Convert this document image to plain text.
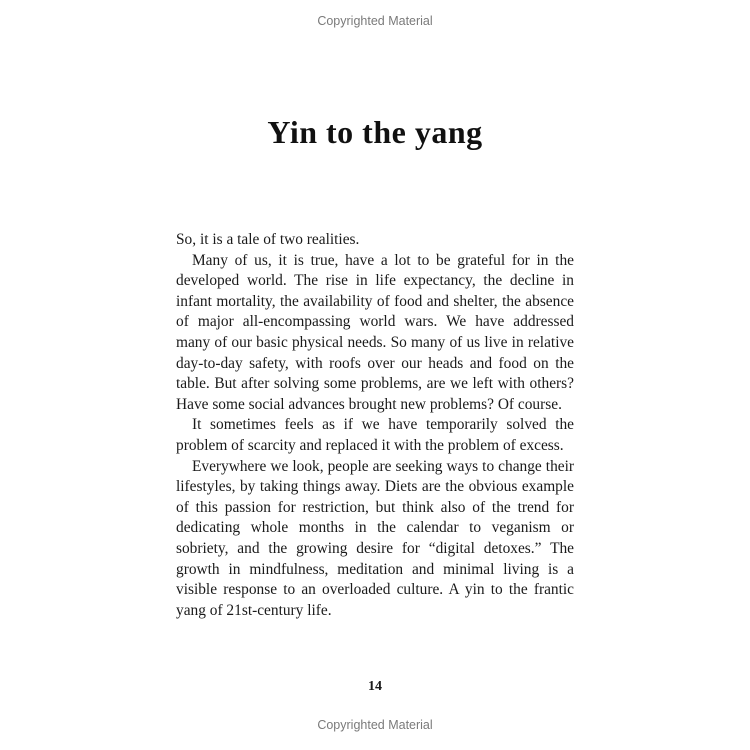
Copyrighted Material
Yin to the yang

So, it is a tale of two realities.

Many of us, it is true, have a lot to be grateful for in the developed world. The rise in life expectancy, the decline in infant mortality, the availability of food and shelter, the absence of major all-encompassing world wars. We have addressed many of our basic physical needs. So many of us live in relative day-to-day safety, with roofs over our heads and food on the table. But after solving some problems, are we left with others? Have some social advances brought new problems? Of course.

It sometimes feels as if we have temporarily solved the problem of scarcity and replaced it with the problem of excess.

Everywhere we look, people are seeking ways to change their lifestyles, by taking things away. Diets are the obvious example of this passion for restriction, but think also of the trend for dedicating whole months in the calendar to veganism or sobriety, and the growing desire for “digital detoxes.” The growth in mindfulness, meditation and minimal living is a visible response to an overloaded culture. A yin to the frantic yang of 21st-century life.

14
Copyrighted Material
